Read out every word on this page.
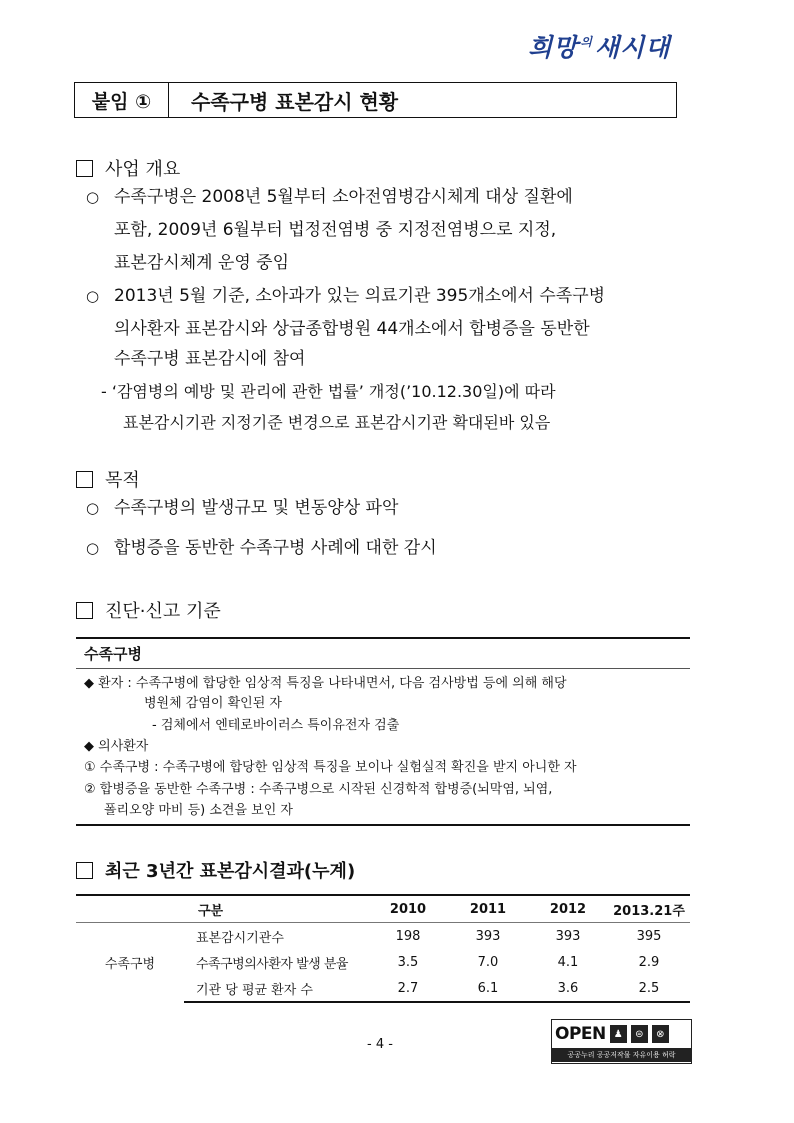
희망 $^의$새시대
붙임 ①	수족구병 표본감시 현황
사업 개요
○ 수족구병은 2008년 5월부터 소아전염병감시체계 대상 질환에
포함, 2009년 6월부터 법정전염병 중 지정전염병으로 지정,
표본감시체계 운영 중임
○ 2013년 5월 기준, 소아과가 있는 의료기관 395개소에서 수족구병
의사환자 표본감시와 상급종합병원 44개소에서 합병증을 동반한
수족구병 표본감시에 참여
- ‘감염병의 예방 및 관리에 관한 법률’ 개정(’10.12.30일)에 따라
표본감시기관 지정기준 변경으로 표본감시기관 확대된바 있음
목적
○ 수족구병의 발생규모 및 변동양상 파악
○ 합병증을 동반한 수족구병 사례에 대한 감시
진단·신고 기준
수족구병
◆ 환자 : 수족구병에 합당한 임상적 특징을 나타내면서, 다음 검사방법 등에 의해 해당
병원체 감염이 확인된 자
- 검체에서 엔테로바이러스 특이유전자 검출
◆ 의사환자
① 수족구병 : 수족구병에 합당한 임상적 특징을 보이나 실험실적 확진을 받지 아니한 자
② 합병증을 동반한 수족구병 : 수족구병으로 시작된 신경학적 합병증(뇌막염, 뇌염,
폴리오양 마비 등) 소견을 보인 자
최근 3년간 표본감시결과(누계)
	구분	2010	2011	2012	2013.21주
수족구병	표본감시기관수	198	393	393	395
	수족구병의사환자 발생 분율	3.5	7.0	4.1	2.9
	기관 당 평균 환자 수	2.7	6.1	3.6	2.5
- 4 -
OPEN ♟	⊜	⊗
공공누리 공공저작물 자유이용 허락
